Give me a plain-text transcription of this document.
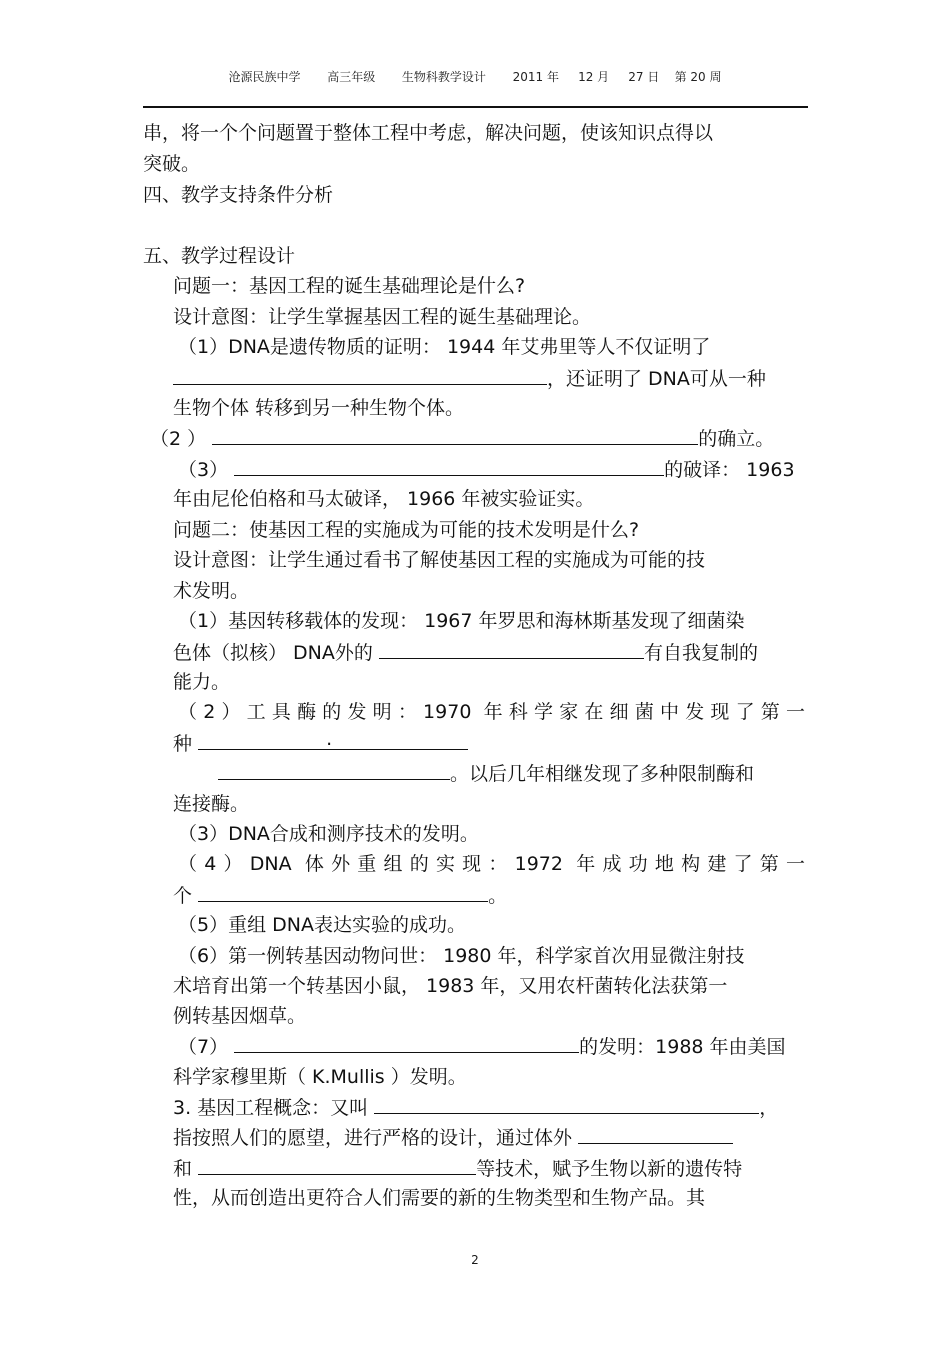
沧源民族中学 高三年级 生物科教学设计 2011 年 12 月 27 日 第 20 周
串，将一个个问题置于整体工程中考虑，解决问题，使该知识点得以
突破。
四、教学支持条件分析
五、教学过程设计
问题一：基因工程的诞生基础理论是什么?
设计意图：让学生掌握基因工程的诞生基础理论。
（1）DNA是遗传物质的证明： 1944 年艾弗里等人不仅证明了
，还证明了 DNA可从一种
生物个体 转移到另一种生物个体。
（2 ）	的确立。
（3）	的破译： 1963
年由尼伦伯格和马太破译， 1966 年被实验证实。
问题二：使基因工程的实施成为可能的技术发明是什么?
设计意图：让学生通过看书了解使基因工程的实施成为可能的技
术发明。
（1）基因转移载体的发现： 1967 年罗思和海林斯基发现了细菌染
色体（拟核） DNA外的	有自我复制的
能力。
（2）工具酶的发明：1970 年科学家在细菌中发现了第一
种	.
。以后几年相继发现了多种限制酶和
连接酶。
（3）DNA合成和测序技术的发明。
（4）DNA 体外重组的实现：1972 年成功地构建了第一
个	。
（5）重组 DNA表达实验的成功。
（6）第一例转基因动物问世： 1980 年，科学家首次用显微注射技
术培育出第一个转基因小鼠， 1983 年，又用农杆菌转化法获第一
例转基因烟草。
（7）	的发明：1988 年由美国
科学家穆里斯（ K.Mullis ）发明。
3. 基因工程概念：又叫	，
指按照人们的愿望，进行严格的设计，通过体外
和	等技术，赋予生物以新的遗传特
性，从而创造出更符合人们需要的新的生物类型和生物产品。其
2
